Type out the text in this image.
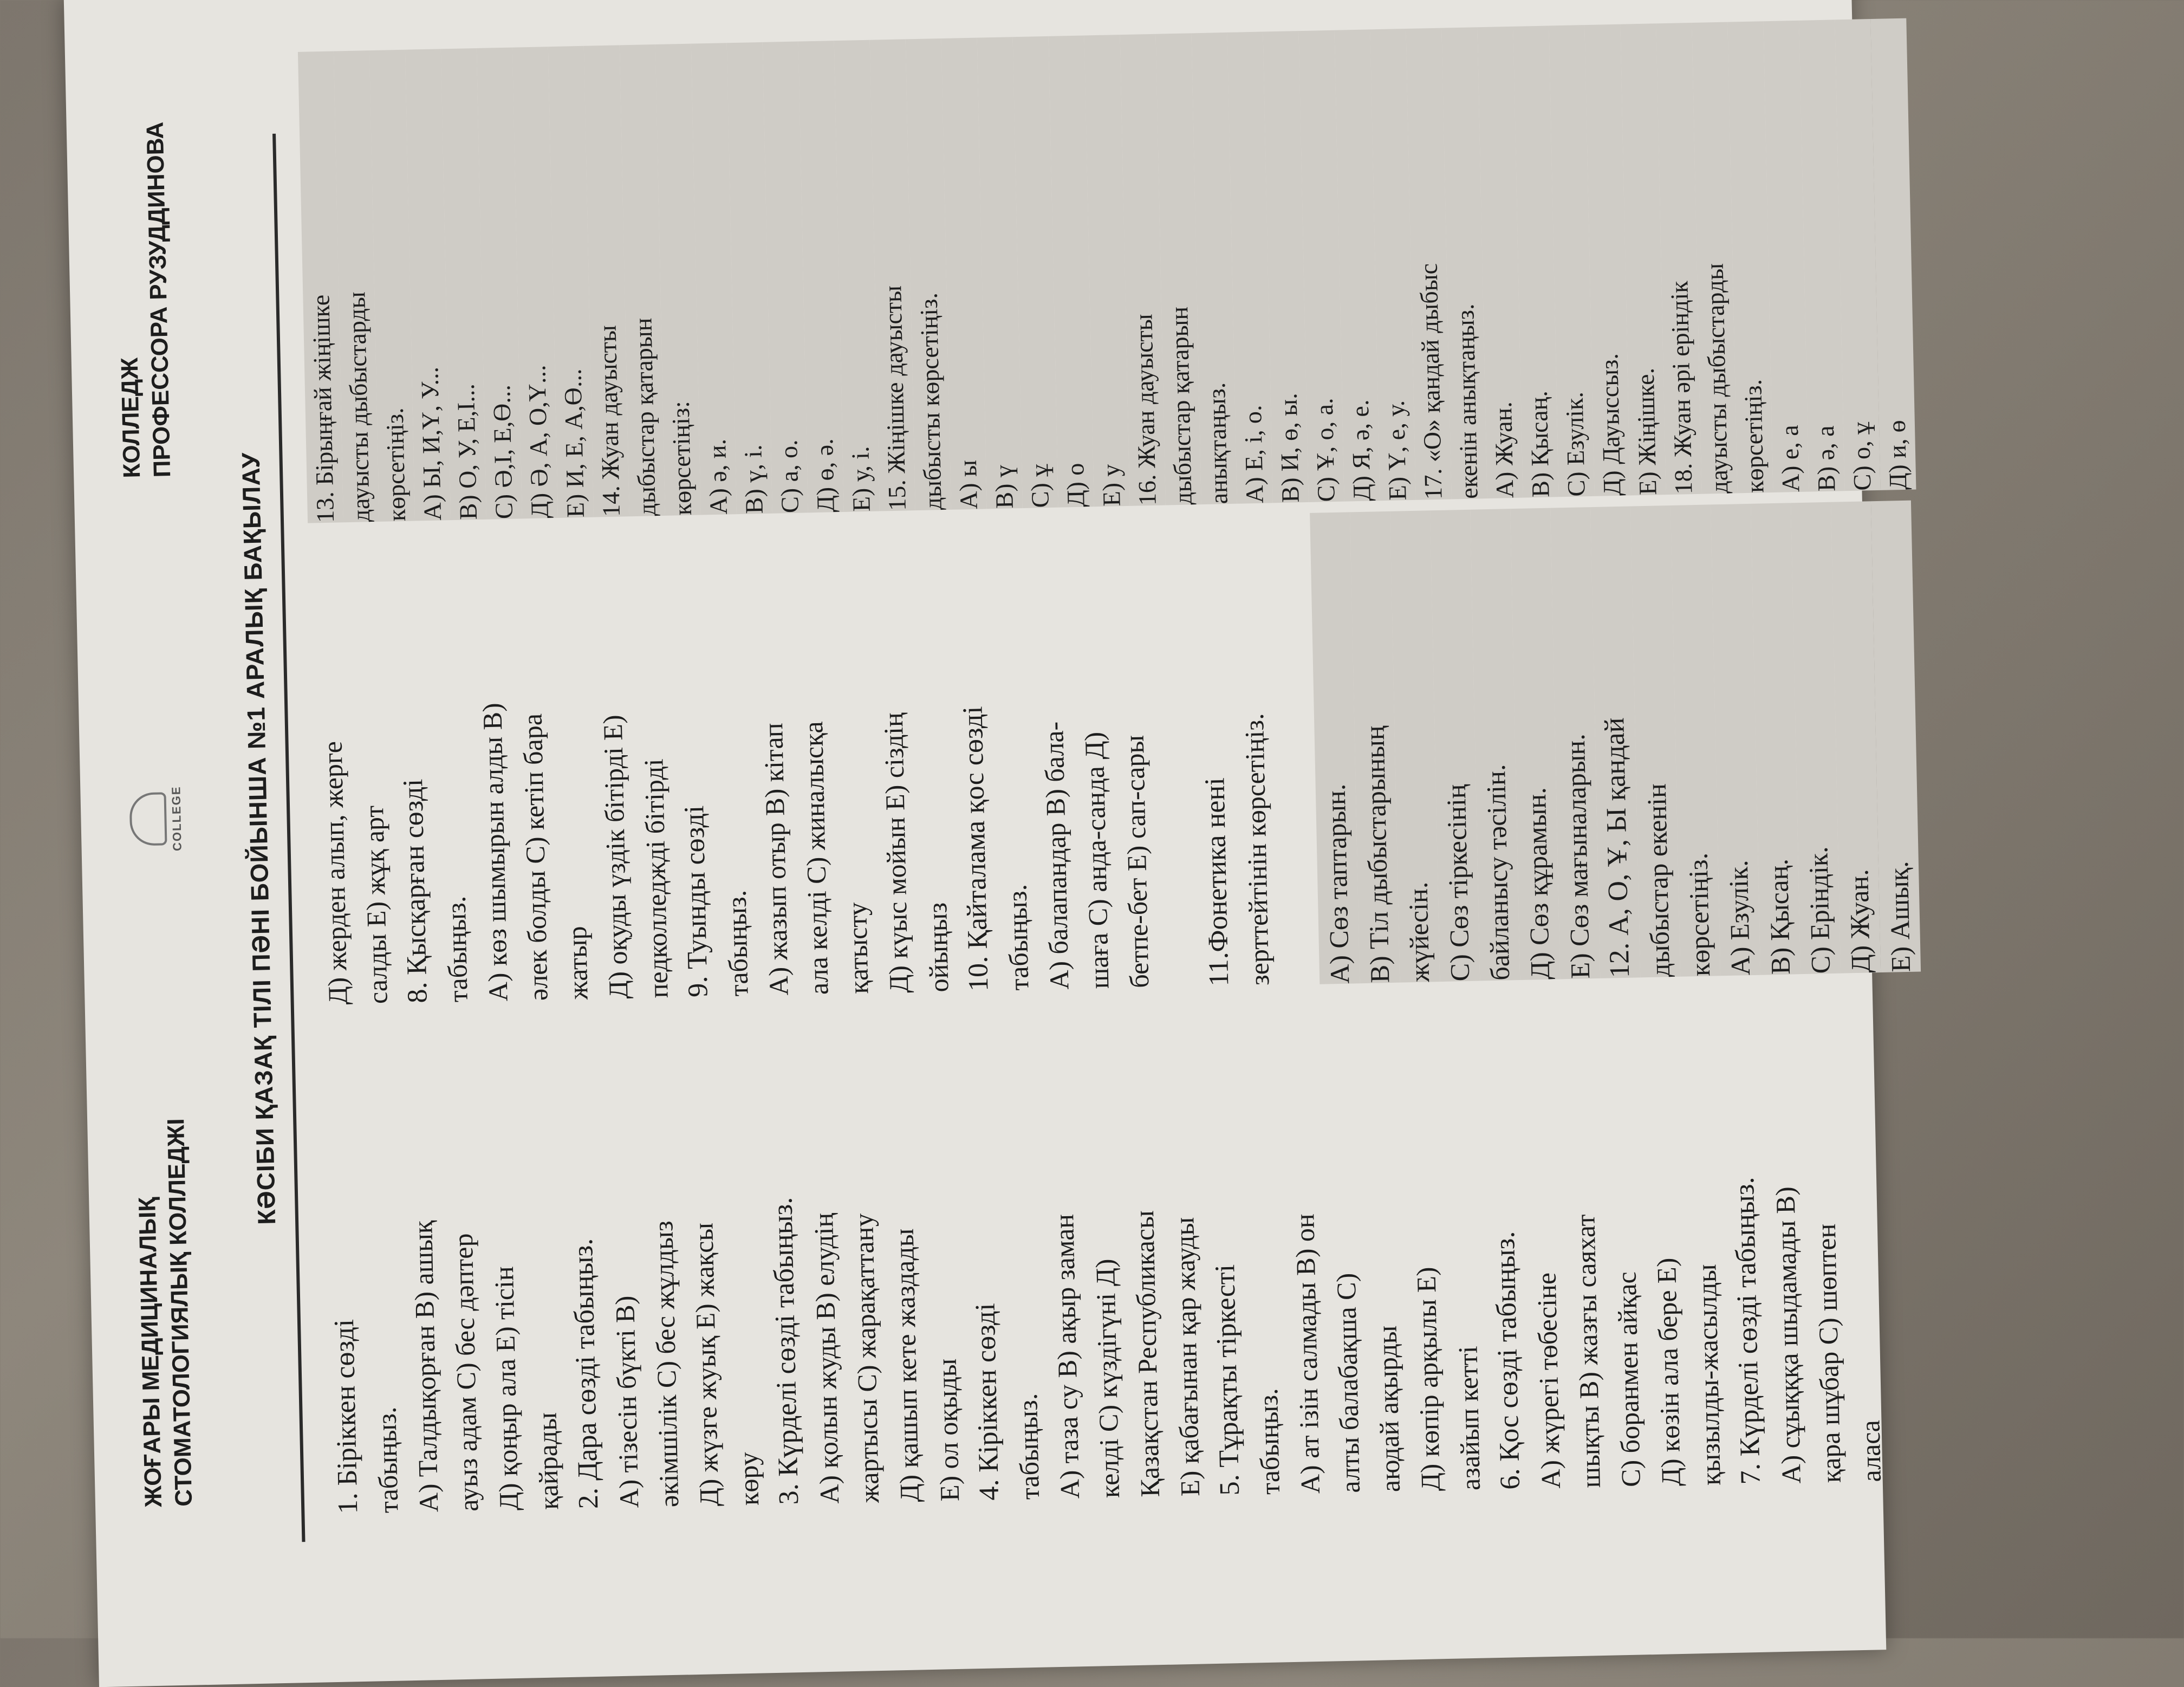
ЖОҒАРЫ МЕДИЦИНАЛЫҚ
СТОМАТОЛОГИЯЛЫҚ КОЛЛЕДЖІ
COLLEGE
КОЛЛЕДЖ
ПРОФЕССОРА РУЗУДДИНОВА
КӘСІБИ ҚАЗАҚ ТІЛІ ПӘНІ БОЙЫНША №1 АРАЛЫҚ БАҚЫЛАУ

1. Біріккен сөзді табыңыз. А) Талдықорған В) ашық ауыз адам С) бес дәптер Д) қоңыр ала Е) тісін қайрады 2. Дара сөзді табыңыз. А) тізесін бүкті В) әкімшілік С) бес жұлдыз Д) жүзге жуық Е) жақсы көру 3. Күрделі сөзді табыңыз. А) қолын жуды В) елудің жартысы С) жарақаттану Д) қашып кете жаздады Е) ол оқыды 4. Кіріккен сөзді табыңыз. А) таза су В) ақыр заман келді С) күздігүні Д) Қазақстан Республикасы Е) қабағынан қар жауды 5. Тұрақты тіркесті табыңыз. А) ат ізін салмады В) он алты балабақша С) аюдай ақырды Д) көпір арқылы Е) азайып кетті 6. Қос сөзді табыңыз. А) жүрегі төбесіне шықты В) жазғы саяхат С) боранмен айқас Д) көзін ала бере Е) қызылды-жасылды 7. Күрделі сөзді табыңыз. А) сұықққа шыдамады В) қара шұбар С) шөптен алаcа

Д) жерден алып, жерге салды Е) жұқ арт 8. Қысқарған сөзді табыңыз. А) көз шымырын алды В) әлек болды С) кетіп бара жатыр Д) оқуды үздік бітірді Е) педколледжді бітірді 9. Туынды сөзді табыңыз. А) жазып отыр В) кітап ала келді С) жиналысқа қатысту Д) күыс мойын Е) сіздің ойыңыз 10. Қайталама қос сөзді табыңыз. А) балапандар В) бала- шаға С) анда-санда Д) бетпе-бет Е) сап-сары

	11.Фонетика нені зерттейтінін көрсетіңіз.

	А) Сөз таптарын. В) Тіл дыбыстарының жүйесін. С) Сөз тіркесінің байланысу тәсілін. Д) Сөз құрамын. Е) Сөз мағыналарын. 12. А, О, Ұ, Ы қандай дыбыстар екенін көрсетіңіз. А) Езулік. В) Қысаң. С) Еріндік. Д) Жуан. Е) Ашық.

13. Бірыңғай жіңішке дауысты дыбыстарды көрсетіңіз. А) Ы, И,Ү, У... В) О, У, Е,І... С) Ә,І, Е,Ө... Д) Ә, А, О,Ү... Е) И, Е, А,Ө... 14. Жуан дауысты дыбыстар қатарын көрсетіңіз: А) ә, и. В) ү, і. С) а, о. Д) ө, ә. Е) у, і. 15. Жіңішке дауысты дыбысты көрсетіңіз. А) ы В) ү С) ұ Д) о Е) у 16. Жуан дауысты дыбыстар қатарын анықтаңыз. А) Е, і, о. В) И, ө, ы. С) Ұ, о, а. Д) Я, ә, е. Е) Ү, е, у. 17. «О» қандай дыбыс екенін анықтаңыз. А) Жуан. В) Қысаң. С) Езулік. Д) Дауыссыз. Е) Жіңішке. 18. Жуан әрі еріндік дауысты дыбыстарды көрсетіңіз. А) е, а В) ә, а С) о, ұ Д) и, ө
